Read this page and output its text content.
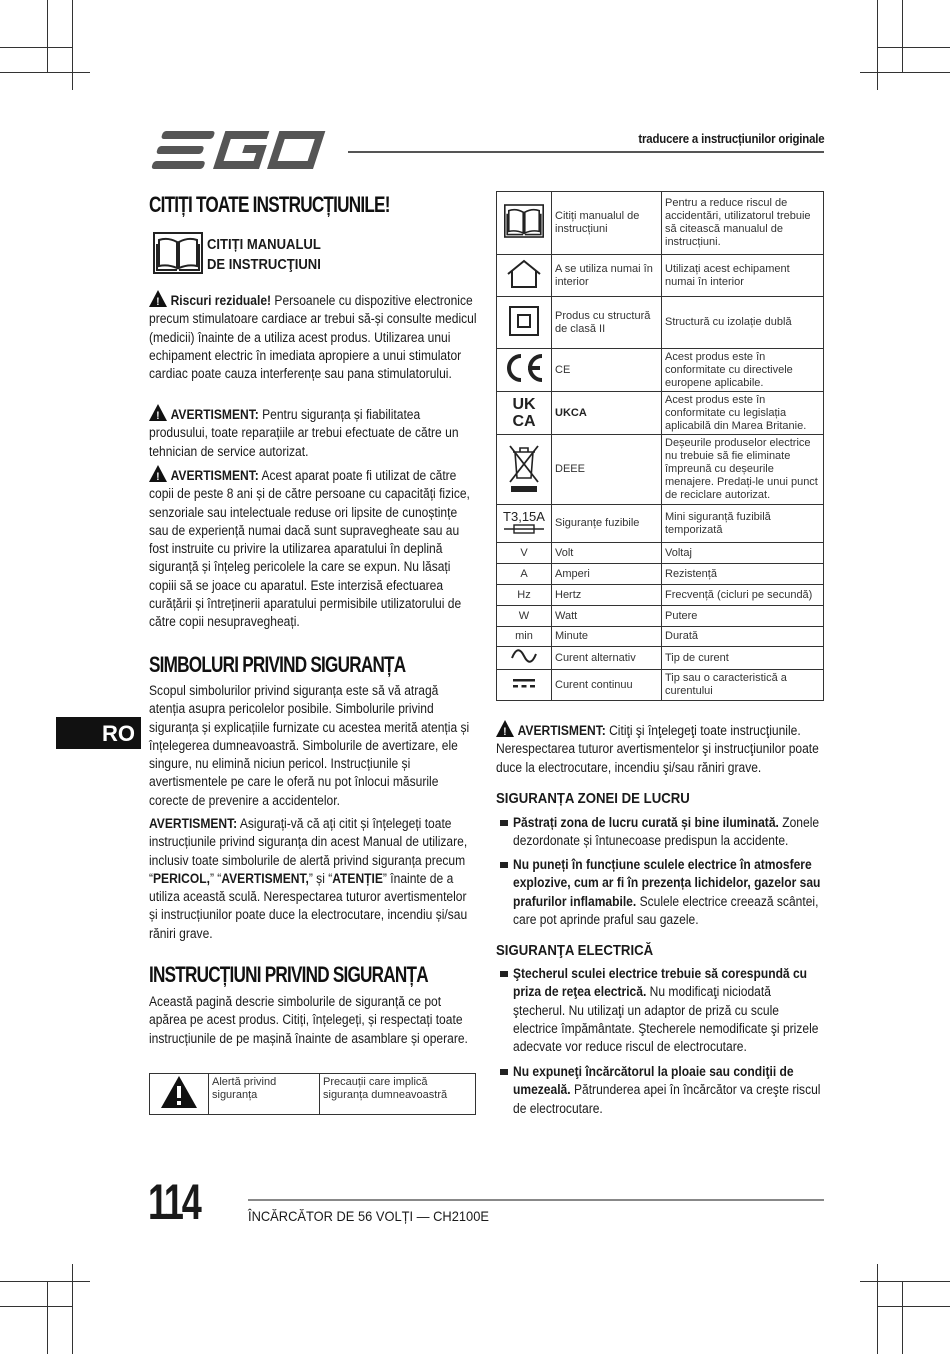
traducere a instrucțiunilor originale
CITIȚI TOATE INSTRUCȚIUNILE!
CITIȚI MANUALUL
DE INSTRUCŢIUNI
!Riscuri reziduale! Persoanele cu dispozitive electronice precum stimulatoare cardiace ar trebui să-și consulte medicul (medicii) înainte de a utiliza acest produs. Utilizarea unui echipament electric în imediata apropiere a unui stimulator cardiac poate cauza interferențe sau pana stimulatorului.
!AVERTISMENT: Pentru siguranța și fiabilitatea produsului, toate reparațiile ar trebui efectuate de către un tehnician de service autorizat.
!AVERTISMENT: Acest aparat poate fi utilizat de către copii de peste 8 ani și de către persoane cu capacități fizice, senzoriale sau intelectuale reduse ori lipsite de cunoștințe sau de experiență numai dacă sunt supravegheate sau au fost instruite cu privire la utilizarea aparatului în deplină siguranță și înțeleg pericolele la care se expun. Nu lăsați copiii să se joace cu aparatul. Este interzisă efectuarea curățării și întreținerii aparatului permisibile utilizatorului de către copii nesupravegheați.
SIMBOLURI PRIVIND SIGURANȚA
Scopul simbolurilor privind siguranța este să vă atragă atenția asupra pericolelor posibile. Simbolurile privind siguranța și explicațiile furnizate cu acestea merită atenția și înțelegerea dumneavoastră. Simbolurile de avertizare, ele singure, nu elimină niciun pericol. Instrucțiunile și avertismentele pe care le oferă nu pot înlocui măsurile corecte de prevenire a accidentelor.
AVERTISMENT: Asigurați-vă că ați citit și înțelegeți toate instrucțiunile privind siguranța din acest Manual de utilizare, inclusiv toate simbolurile de alertă privind siguranța precum “PERICOL,” “AVERTISMENT,” și “ATENȚIE” înainte de a utiliza această sculă. Nerespectarea tuturor avertismentelor și instrucțiunilor poate duce la electrocutare, incendiu și/sau răniri grave.
INSTRUCȚIUNI PRIVIND SIGURANȚA
Această pagină descrie simbolurile de siguranță ce pot apărea pe acest produs. Citiți, înțelegeți, și respectați toate instrucțiunile de pe mașină înainte de asamblare și operare.
	Alertă privind siguranța	Precauții care implică siguranța dumneavoastră
RO
	Citiți manualul de instrucțiuni	Pentru a reduce riscul de accidentări, utilizatorul trebuie să citească manualul de instrucțiuni.
	A se utiliza numai în interior	Utilizați acest echipament numai în interior
	Produs cu structură de clasă II	Structură cu izolație dublă
	CE	Acest produs este în conformitate cu directivele europene aplicabile.

UK
CA	UKCA	Acest produs este în conformitate cu legislația aplicabilă din Marea Britanie.
	DEEE	Deșeurile produselor electrice nu trebuie să fie eliminate împreună cu deșeurile menajere. Predați-le unui punct de reciclare autorizat.

T3,15A	Siguranțe fuzibile	Mini siguranță fuzibilă temporizată
V	Volt	Voltaj
A	Amperi	Rezistență
Hz	Hertz	Frecvență (cicluri pe secundă)
W	Watt	Putere
min	Minute	Durată
	Curent alternativ	Tip de curent
	Curent continuu	Tip sau o caracteristică a curentului
!AVERTISMENT: Citiţi şi înţelegeţi toate instrucţiunile. Nerespectarea tuturor avertismentelor şi instrucţiunilor poate duce la electrocutare, incendiu şi/sau răniri grave.
SIGURANȚA ZONEI DE LUCRU
Păstrați zona de lucru curată și bine iluminată. Zonele dezordonate și întunecoase predispun la accidente.
Nu puneți în funcțiune sculele electrice în atmosfere explozive, cum ar fi în prezența lichidelor, gazelor sau prafurilor inflamabile. Sculele electrice creează scântei, care pot aprinde praful sau gazele.
SIGURANŢA ELECTRICĂ
Ştecherul sculei electrice trebuie să corespundă cu priza de reţea electrică. Nu modificaţi niciodată ştecherul. Nu utilizaţi un adaptor de priză cu scule electrice împământate. Ştecherele nemodificate şi prizele adecvate vor reduce riscul de electrocutare.
Nu expuneţi încărcătorul la ploaie sau condiţii de umezeală. Pătrunderea apei în încărcător va creşte riscul de electrocutare.
114	ÎNCĂRCĂTOR DE 56 VOLȚI — CH2100E
